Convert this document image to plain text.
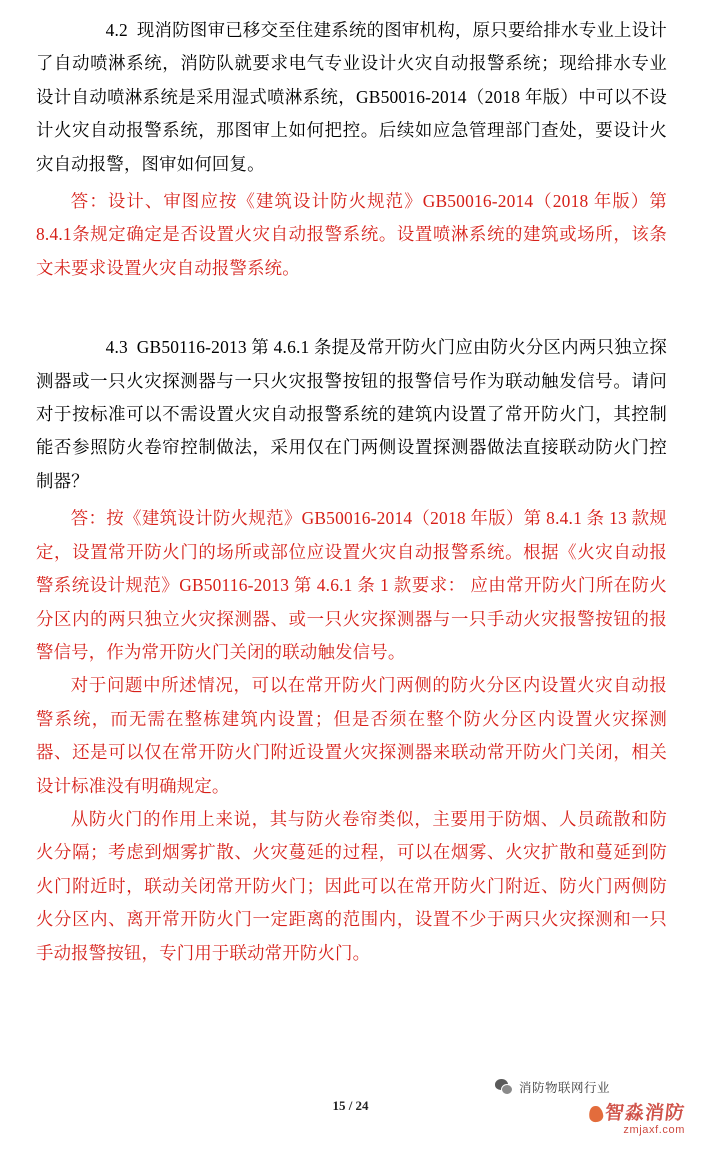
4.2 现消防图审已移交至住建系统的图审机构，原只要给排水专业上设计了自动喷淋系统，消防队就要求电气专业设计火灾自动报警系统；现给排水专业设计自动喷淋系统是采用湿式喷淋系统，GB50016-2014（2018 年版）中可以不设计火灾自动报警系统，那图审上如何把控。后续如应急管理部门查处，要设计火灾自动报警，图审如何回复。

答：设计、审图应按《建筑设计防火规范》GB50016-2014（2018 年版）第8.4.1条规定确定是否设置火灾自动报警系统。设置喷淋系统的建筑或场所，该条文未要求设置火灾自动报警系统。

4.3 GB50116-2013 第 4.6.1 条提及常开防火门应由防火分区内两只独立探测器或一只火灾探测器与一只火灾报警按钮的报警信号作为联动触发信号。请问对于按标准可以不需设置火灾自动报警系统的建筑内设置了常开防火门，其控制能否参照防火卷帘控制做法，采用仅在门两侧设置探测器做法直接联动防火门控制器？

答：按《建筑设计防火规范》GB50016-2014（2018 年版）第 8.4.1 条 13 款规定，设置常开防火门的场所或部位应设置火灾自动报警系统。根据《火灾自动报警系统设计规范》GB50116-2013 第 4.6.1 条 1 款要求： 应由常开防火门所在防火分区内的两只独立火灾探测器、或一只火灾探测器与一只手动火灾报警按钮的报警信号，作为常开防火门关闭的联动触发信号。

对于问题中所述情况，可以在常开防火门两侧的防火分区内设置火灾自动报警系统，而无需在整栋建筑内设置；但是否须在整个防火分区内设置火灾探测器、还是可以仅在常开防火门附近设置火灾探测器来联动常开防火门关闭，相关设计标准没有明确规定。

从防火门的作用上来说，其与防火卷帘类似，主要用于防烟、人员疏散和防火分隔；考虑到烟雾扩散、火灾蔓延的过程，可以在烟雾、火灾扩散和蔓延到防火门附近时，联动关闭常开防火门；因此可以在常开防火门附近、防火门两侧防火分区内、离开常开防火门一定距离的范围内，设置不少于两只火灾探测和一只手动报警按钮，专门用于联动常开防火门。

15 / 24
消防物联网行业
智淼消防
zmjaxf.com
